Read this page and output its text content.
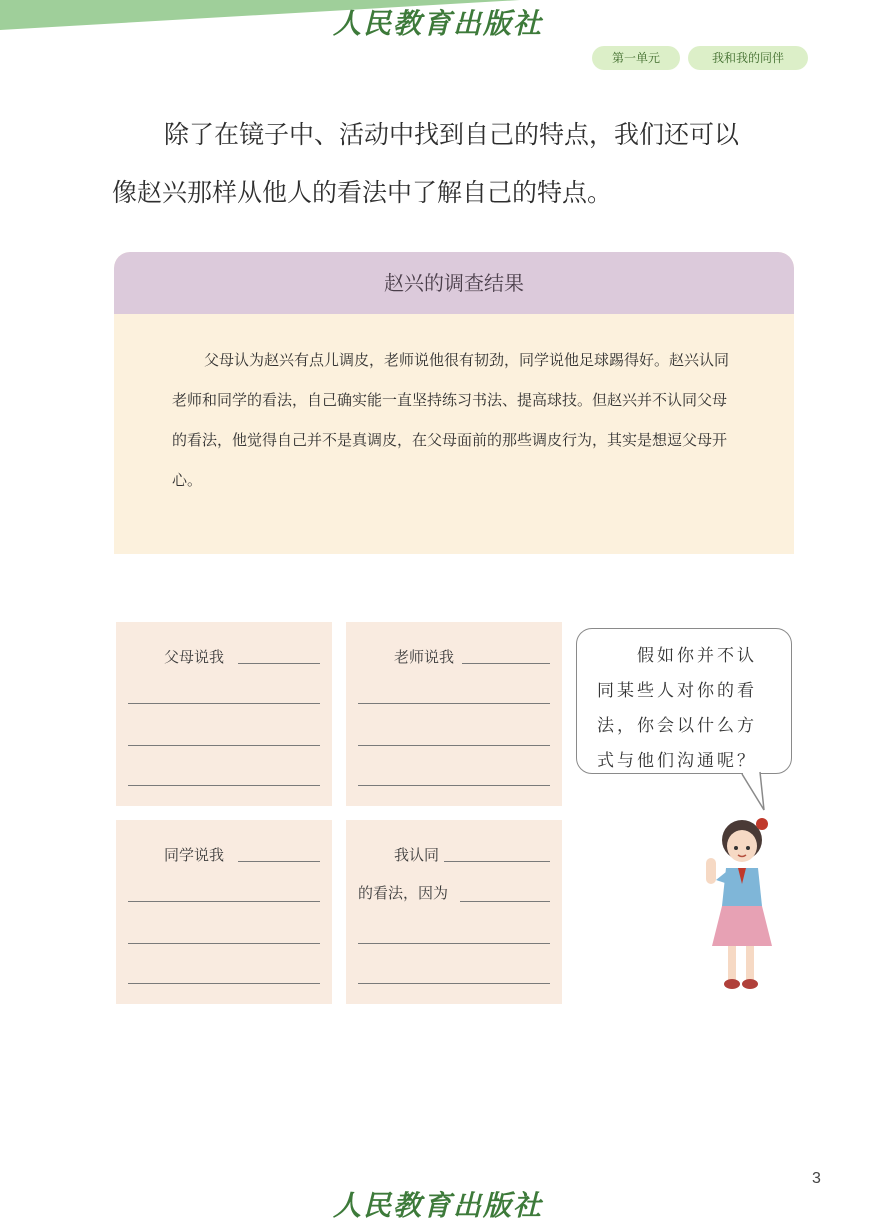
人民教育出版社
第一单元	我和我的同伴

除了在镜子中、活动中找到自己的特点，我们还可以

像赵兴那样从他人的看法中了解自己的特点。

赵兴的调查结果

父母认为赵兴有点儿调皮，老师说他很有韧劲，同学说他足球踢得好。赵兴认同老师和同学的看法，自己确实能一直坚持练习书法、提高球技。但赵兴并不认同父母的看法，他觉得自己并不是真调皮，在父母面前的那些调皮行为，其实是想逗父母开心。

父母说我	老师说我
同学说我	我认同
的看法，因为
假如你并不认
同某些人对你的看
法，你会以什么方
式与他们沟通呢？
3
人民教育出版社
